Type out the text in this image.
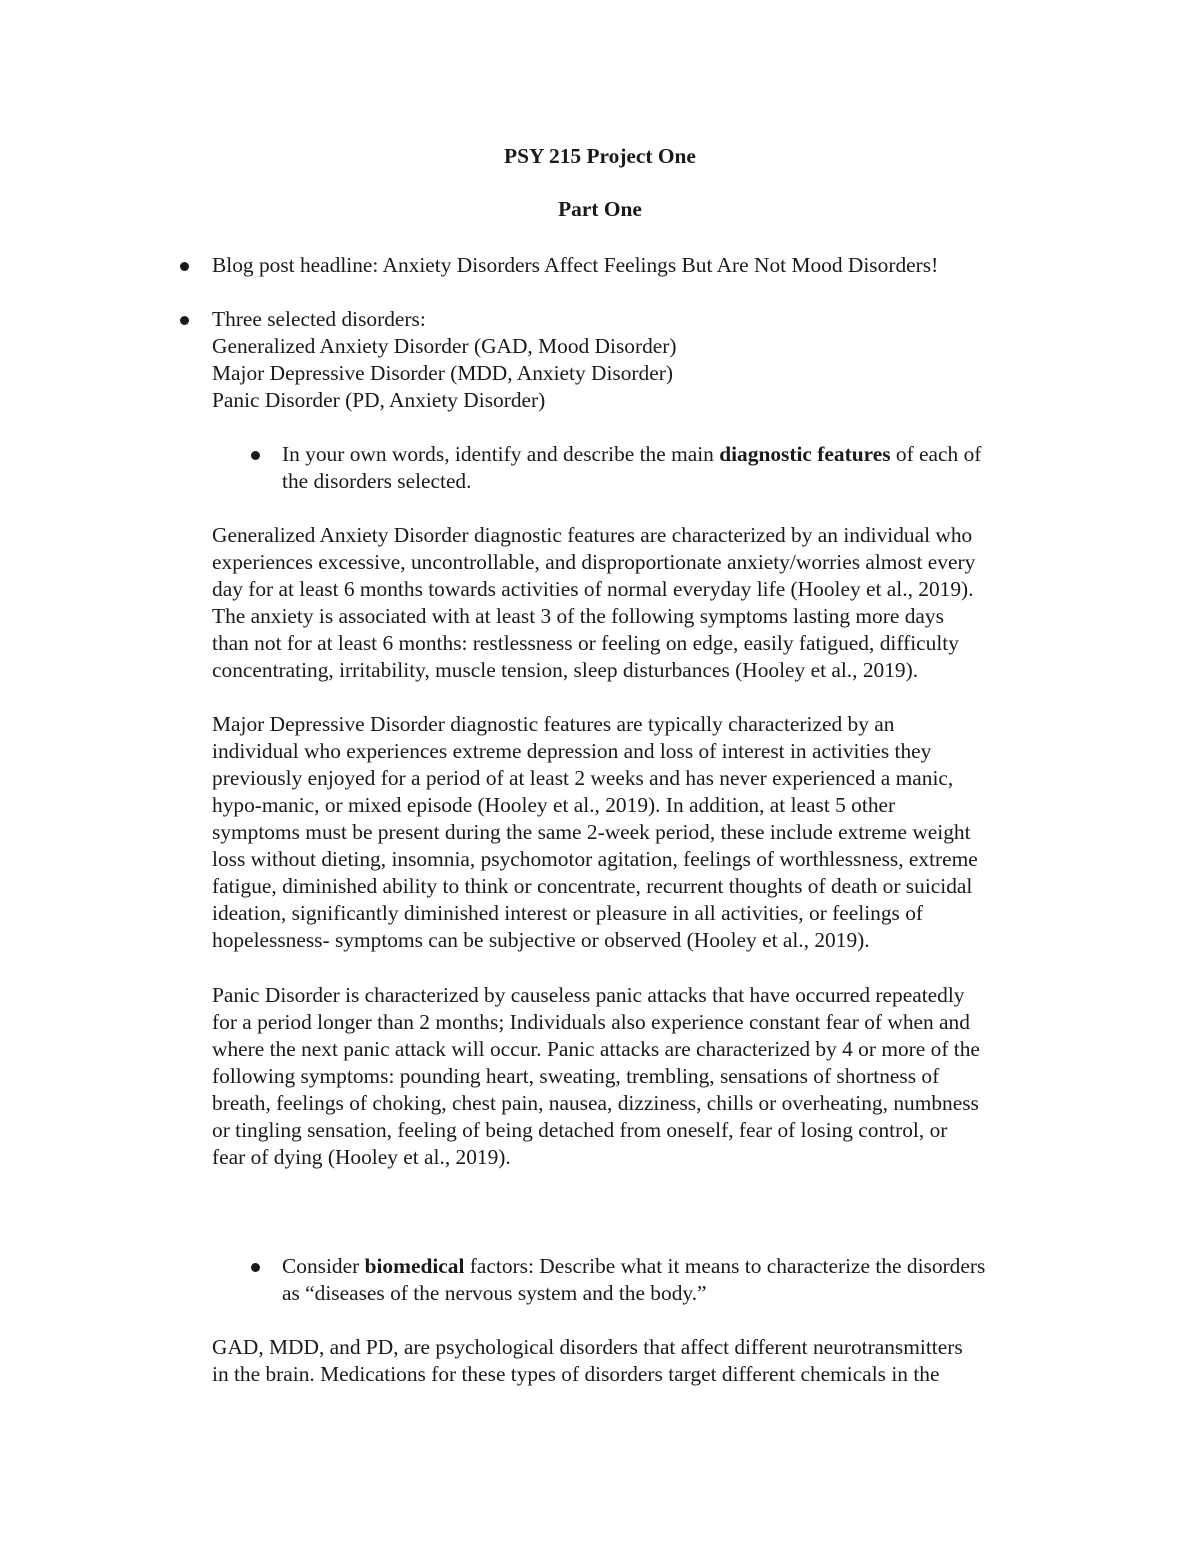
PSY 215 Project One
Part One
Blog post headline: Anxiety Disorders Affect Feelings But Are Not Mood Disorders!
Three selected disorders:
Generalized Anxiety Disorder (GAD, Mood Disorder)
Major Depressive Disorder (MDD, Anxiety Disorder)
Panic Disorder (PD, Anxiety Disorder)
In your own words, identify and describe the main diagnostic features of each of
the disorders selected.
Generalized Anxiety Disorder diagnostic features are characterized by an individual who
experiences excessive, uncontrollable, and disproportionate anxiety/worries almost every
day for at least 6 months towards activities of normal everyday life (Hooley et al., 2019).
The anxiety is associated with at least 3 of the following symptoms lasting more days
than not for at least 6 months: restlessness or feeling on edge, easily fatigued, difficulty
concentrating, irritability, muscle tension, sleep disturbances (Hooley et al., 2019).
Major Depressive Disorder diagnostic features are typically characterized by an
individual who experiences extreme depression and loss of interest in activities they
previously enjoyed for a period of at least 2 weeks and has never experienced a manic,
hypo-manic, or mixed episode (Hooley et al., 2019). In addition, at least 5 other
symptoms must be present during the same 2-week period, these include extreme weight
loss without dieting, insomnia, psychomotor agitation, feelings of worthlessness, extreme
fatigue, diminished ability to think or concentrate, recurrent thoughts of death or suicidal
ideation, significantly diminished interest or pleasure in all activities, or feelings of
hopelessness- symptoms can be subjective or observed (Hooley et al., 2019).
Panic Disorder is characterized by causeless panic attacks that have occurred repeatedly
for a period longer than 2 months; Individuals also experience constant fear of when and
where the next panic attack will occur. Panic attacks are characterized by 4 or more of the
following symptoms: pounding heart, sweating, trembling, sensations of shortness of
breath, feelings of choking, chest pain, nausea, dizziness, chills or overheating, numbness
or tingling sensation, feeling of being detached from oneself, fear of losing control, or
fear of dying (Hooley et al., 2019).
Consider biomedical factors: Describe what it means to characterize the disorders
as “diseases of the nervous system and the body.”
GAD, MDD, and PD, are psychological disorders that affect different neurotransmitters
in the brain. Medications for these types of disorders target different chemicals in the
